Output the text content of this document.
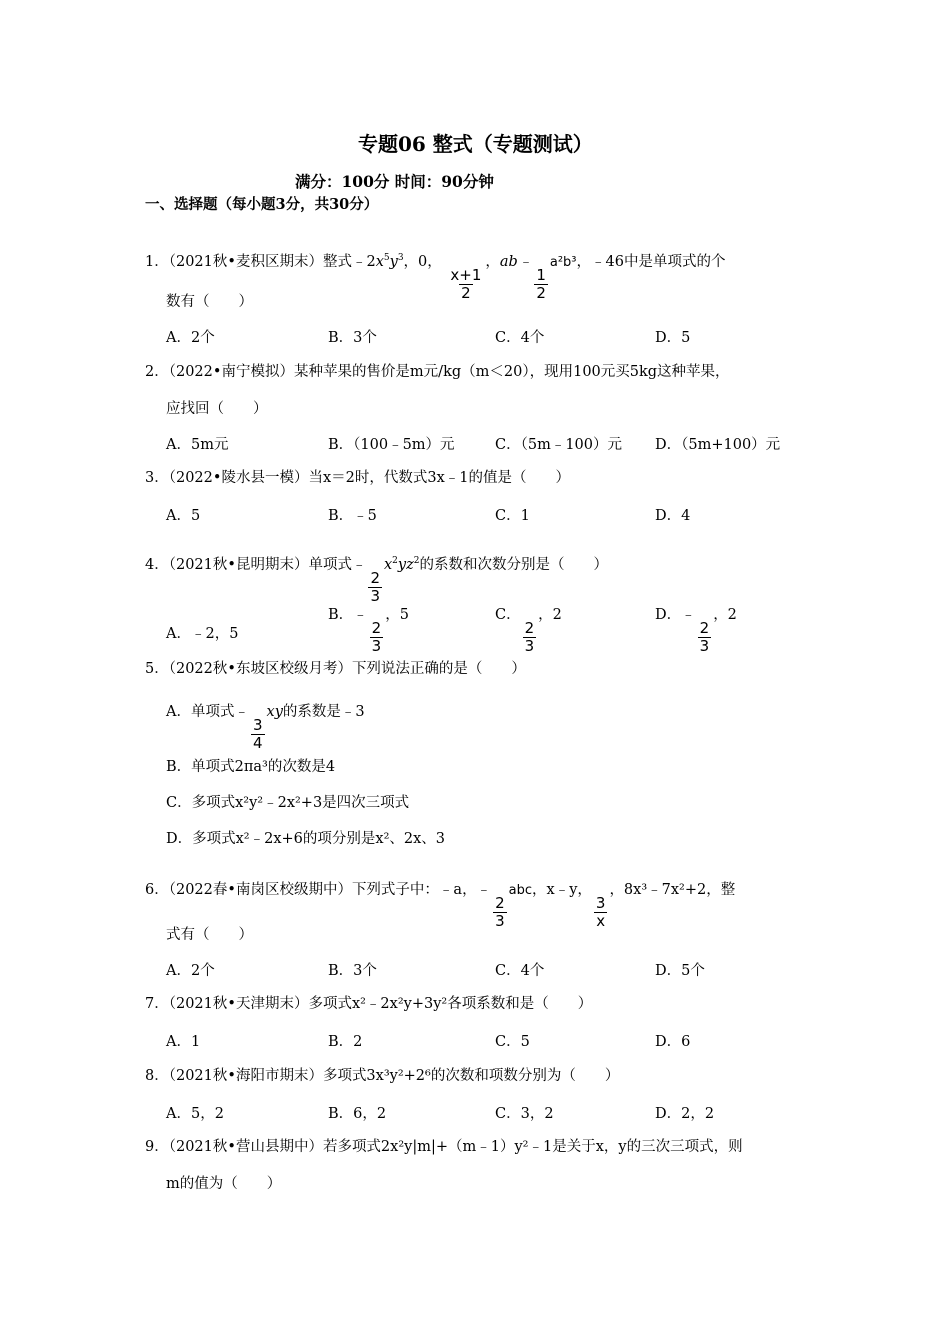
专题06 整式（专题测试）
满分：100分 时间：90分钟
一、选择题（每小题3分，共30分）
1．（2021秋•麦积区期末）整式$﹣2x^5y^3$，0，
$\frac{x+1}{2}$
，ab﹣
$\frac{1}{2}$
a²b³，﹣46中是单项式的个
数有（　　）
A．2个	B．3个	C．4个	D．5
2．（2022•南宁模拟）某种苹果的售价是m元/kg（m＜20），现用100元买5kg这种苹果，
应找回（　　）
A．5m元	B．（100﹣5m）元	C．（5m﹣100）元 D．（5m+100）元
3．（2022•陵水县一模）当x＝2时，代数式3x﹣1的值是（　　）
A．5	B．﹣5	C．1	D．4
4．（2021秋•昆明期末）单项式﹣
$\frac{2}{3}$
$x^2yz^2$的系数和次数分别是（　　）
A．﹣2，5
B．﹣
$\frac{2}{3}$
，5	C．
$\frac{2}{3}$
，2	D．﹣
$\frac{2}{3}$
，2
5．（2022秋•东坡区校级月考）下列说法正确的是（　　）
A．单项式﹣
$\frac{3}{4}$
xy的系数是﹣3
B．单项式2πa³的次数是4
C．多项式x²y²﹣2x²+3是四次三项式
D．多项式x²﹣2x+6的项分别是x²、2x、3
6．（2022春•南岗区校级期中）下列式子中：﹣a，﹣
$\frac{2}{3}$
abc，x﹣y，
$\frac{3}{x}$
，8x³﹣7x²+2，整
式有（　　）
A．2个	B．3个	C．4个	D．5个
7．（2021秋•天津期末）多项式x²﹣2x²y+3y²各项系数和是（　　）
A．1	B．2	C．5	D．6
8．（2021秋•海阳市期末）多项式3x³y²+2⁶的次数和项数分别为（　　）
A．5，2	B．6，2	C．3，2	D．2，2
9．（2021秋•营山县期中）若多项式2x²y|m|+（m﹣1）y²﹣1是关于x，y的三次三项式，则
m的值为（　　）
